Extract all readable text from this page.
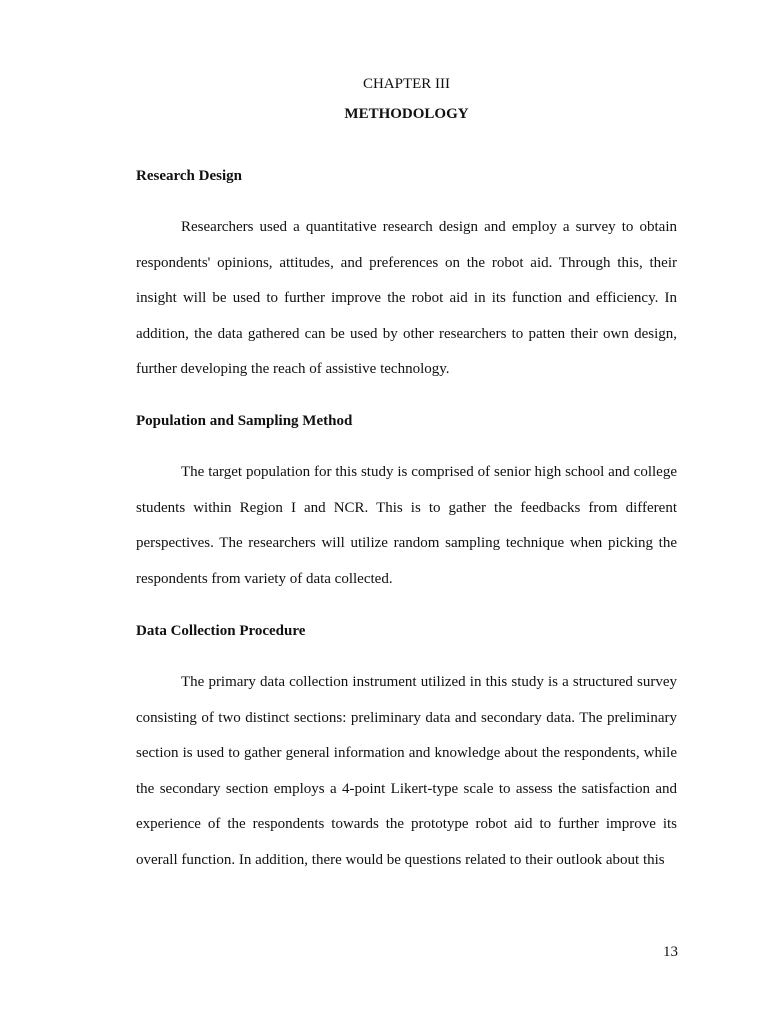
CHAPTER III
METHODOLOGY
Research Design

Researchers used a quantitative research design and employ a survey to obtain respondents' opinions, attitudes, and preferences on the robot aid. Through this, their insight will be used to further improve the robot aid in its function and efficiency. In addition, the data gathered can be used by other researchers to patten their own design, further developing the reach of assistive technology.

Population and Sampling Method

The target population for this study is comprised of senior high school and college students within Region I and NCR. This is to gather the feedbacks from different perspectives. The researchers will utilize random sampling technique when picking the respondents from variety of data collected.

Data Collection Procedure

The primary data collection instrument utilized in this study is a structured survey consisting of two distinct sections: preliminary data and secondary data. The preliminary section is used to gather general information and knowledge about the respondents, while the secondary section employs a 4-point Likert-type scale to assess the satisfaction and experience of the respondents towards the prototype robot aid to further improve its overall function. In addition, there would be questions related to their outlook about this

13
